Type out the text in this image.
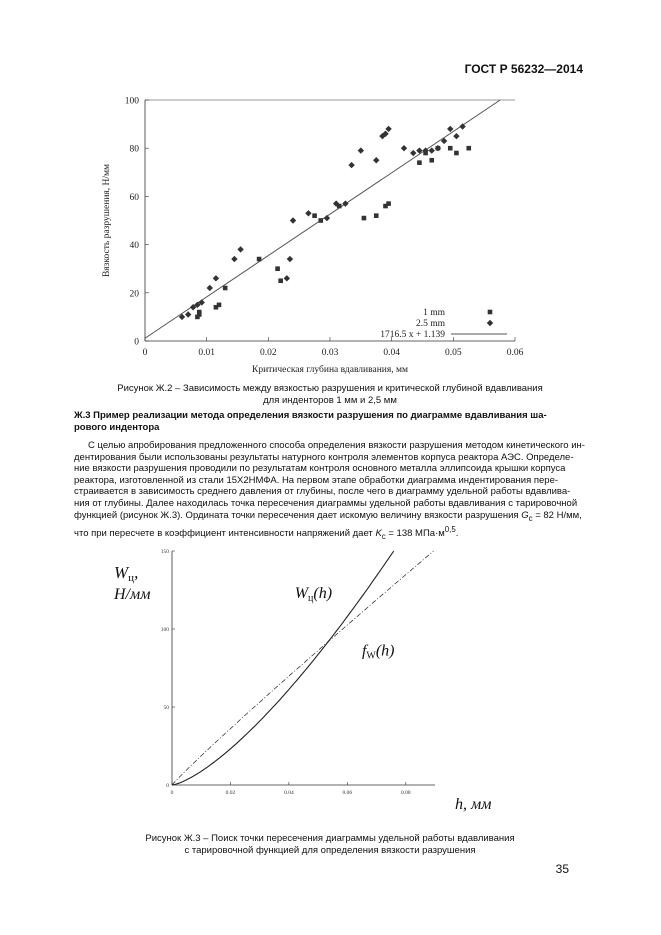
ГОСТ Р 56232—2014
0	0.01	0.02	0.03	0.04	0.05	0.06
0
20
40
60
80
100
Критическая глубина вдавливания, мм
Вязкость разрушения, Н/мм
1 mm
2.5 mm
1716.5 x + 1.139
Рисунок Ж.2 – Зависимость между вязкостью разрушения и критической глубиной вдавливания
для инденторов 1 мм и 2,5 мм
Ж.3 Пример реализации метода определения вязкости разрушения по диаграмме вдавливания ша-
рового индентора

С целью апробирования предложенного способа определения вязкости разрушения методом кинетического ин-

дентирования были использованы результаты натурного контроля элементов корпуса реактора АЭС. Определе-
ние вязкости разрушения проводили по результатам контроля основного металла эллипсоида крышки корпуса
реактора, изготовленной из стали 15Х2НМФА. На первом этапе обработки диаграмма индентирования пере-
страивается в зависимость среднего давления от глубины, после чего в диаграмму удельной работы вдавлива-
ния от глубины. Далее находилась точка пересечения диаграммы удельной работы вдавливания с тарировочной
функцией (рисунок Ж.3). Ордината точки пересечения дает искомую величину вязкости разрушения $G_c = 82$ Н/мм,
что при пересчете в коэффициент интенсивности напряжений дает $K_c = 138$ $МПа\cdot м^{0,5}$.
0	0.02	0.04	0.06	0.08
0
50
100
150
Wц,
Н/мм
h, мм
Wц(h)
fW(h)
Рисунок Ж.3 – Поиск точки пересечения диаграммы удельной работы вдавливания
с тарировочной функцией для определения вязкости разрушения
35
